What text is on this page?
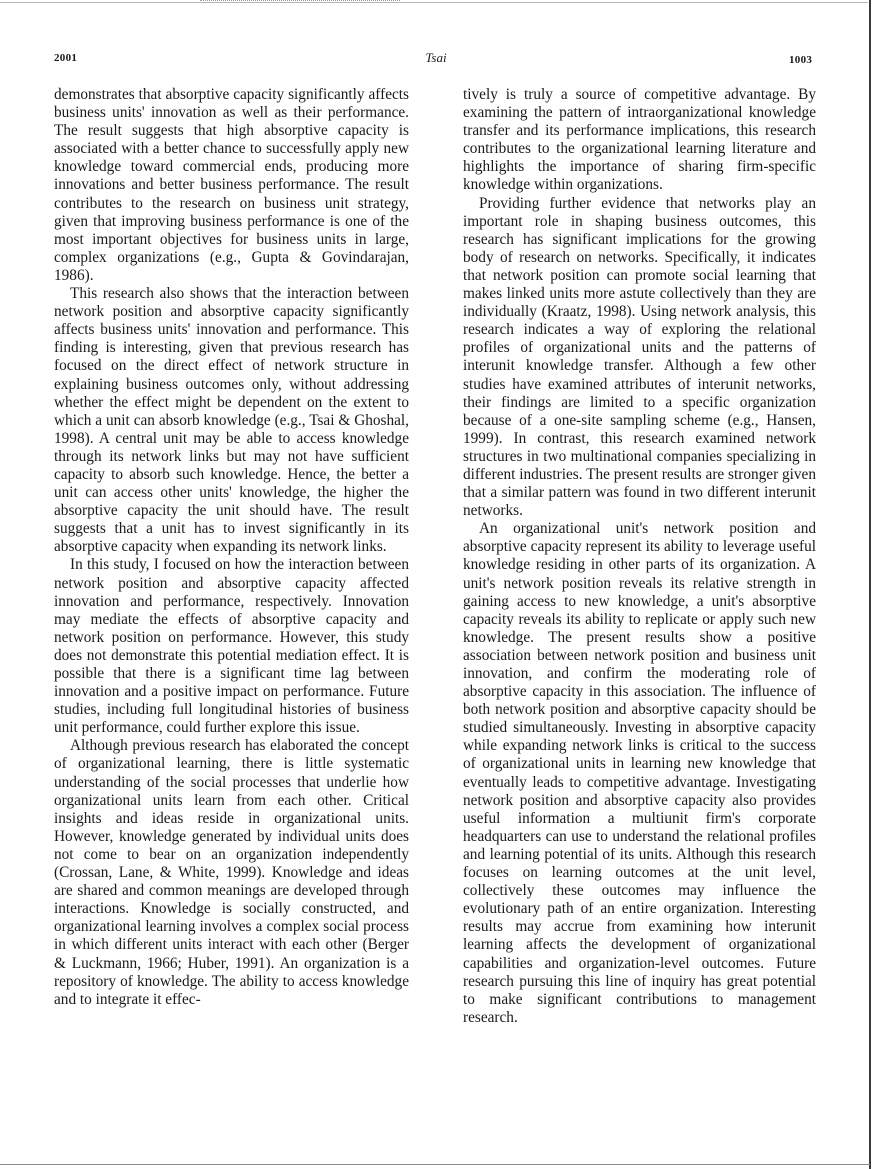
2001	Tsai	1003

demonstrates that absorptive capacity significantly affects business units' innovation as well as their performance. The result suggests that high absorptive capacity is associated with a better chance to successfully apply new knowledge toward commercial ends, producing more innovations and better business performance. The result contributes to the research on business unit strategy, given that improving business performance is one of the most important objectives for business units in large, complex organizations (e.g., Gupta & Govindarajan, 1986).

This research also shows that the interaction between network position and absorptive capacity significantly affects business units' innovation and performance. This finding is interesting, given that previous research has focused on the direct effect of network structure in explaining business outcomes only, without addressing whether the effect might be dependent on the extent to which a unit can absorb knowledge (e.g., Tsai & Ghoshal, 1998). A central unit may be able to access knowledge through its network links but may not have sufficient capacity to absorb such knowledge. Hence, the better a unit can access other units' knowledge, the higher the absorptive capacity the unit should have. The result suggests that a unit has to invest significantly in its absorptive capacity when expanding its network links.

In this study, I focused on how the interaction between network position and absorptive capacity affected innovation and performance, respectively. Innovation may mediate the effects of absorptive capacity and network position on performance. However, this study does not demonstrate this potential mediation effect. It is possible that there is a significant time lag between innovation and a positive impact on performance. Future studies, including full longitudinal histories of business unit performance, could further explore this issue.

Although previous research has elaborated the concept of organizational learning, there is little systematic understanding of the social processes that underlie how organizational units learn from each other. Critical insights and ideas reside in organizational units. However, knowledge generated by individual units does not come to bear on an organization independently (Crossan, Lane, & White, 1999). Knowledge and ideas are shared and common meanings are developed through interactions. Knowledge is socially constructed, and organizational learning involves a complex social process in which different units interact with each other (Berger & Luckmann, 1966; Huber, 1991). An organization is a repository of knowledge. The ability to access knowledge and to integrate it effec-

tively is truly a source of competitive advantage. By examining the pattern of intraorganizational knowledge transfer and its performance implications, this research contributes to the organizational learning literature and highlights the importance of sharing firm-specific knowledge within organizations.

Providing further evidence that networks play an important role in shaping business outcomes, this research has significant implications for the growing body of research on networks. Specifically, it indicates that network position can promote social learning that makes linked units more astute collectively than they are individually (Kraatz, 1998). Using network analysis, this research indicates a way of exploring the relational profiles of organizational units and the patterns of interunit knowledge transfer. Although a few other studies have examined attributes of interunit networks, their findings are limited to a specific organization because of a one-site sampling scheme (e.g., Hansen, 1999). In contrast, this research examined network structures in two multinational companies specializing in different industries. The present results are stronger given that a similar pattern was found in two different interunit networks.

An organizational unit's network position and absorptive capacity represent its ability to leverage useful knowledge residing in other parts of its organization. A unit's network position reveals its relative strength in gaining access to new knowledge, a unit's absorptive capacity reveals its ability to replicate or apply such new knowledge. The present results show a positive association between network position and business unit innovation, and confirm the moderating role of absorptive capacity in this association. The influence of both network position and absorptive capacity should be studied simultaneously. Investing in absorptive capacity while expanding network links is critical to the success of organizational units in learning new knowledge that eventually leads to competitive advantage. Investigating network position and absorptive capacity also provides useful information a multiunit firm's corporate headquarters can use to understand the relational profiles and learning potential of its units. Although this research focuses on learning outcomes at the unit level, collectively these outcomes may influence the evolutionary path of an entire organization. Interesting results may accrue from examining how interunit learning affects the development of organizational capabilities and organization-level outcomes. Future research pursuing this line of inquiry has great potential to make significant contributions to management research.
